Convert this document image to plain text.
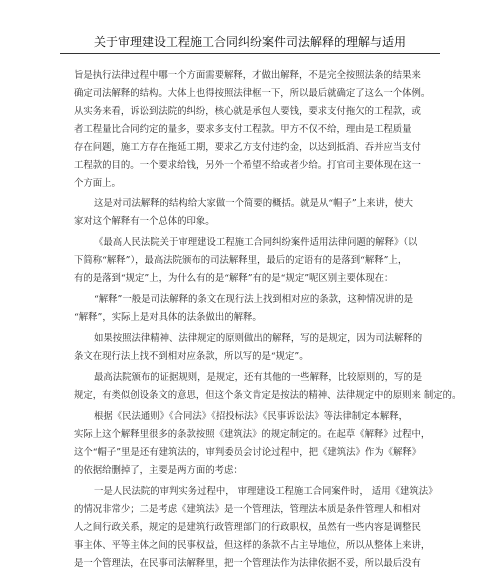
关于审理建设工程施工合同纠纷案件司法解释的理解与适用
旨是执行法律过程中哪一个方面需要解释，才做出解释，不是完全按照法条的结果来
确定司法解释的结构。大体上也得按照法律框一下，所以最后就确定了这么一个体例。
从实务来看，诉讼到法院的纠纷，核心就是承包人要钱，要求支付拖欠的工程款，或
者工程量比合同约定的量多，要求多支付工程款。甲方不仅不给，理由是工程质量
存在问题，施工方存在拖延工期，要求乙方支付违约金，以达到抵消、吞并应当支付
工程款的目的。一个要求给钱，另外一个希望不给或者少给。打官司主要体现在这一
个方面上。
这是对司法解释的结构给大家做一个简要的概括。就是从“帽子”上来讲，使大
家对这个解释有一个总体的印象。
《最高人民法院关于审理建设工程施工合同纠纷案件适用法律问题的解释》（以
下简称“解释”），最高法院颁布的司法解释里，最后的定语有的是落到“解释”上，
有的是落到“规定”上，为什么有的是“解释”有的是“规定”呢区别主要体现在：
“解释”一般是司法解释的条文在现行法上找到相对应的条款，这种情况讲的是
“解释”，实际上是对具体的法条做出的解释。
如果按照法律精神、法律规定的原则做出的解释，写的是规定，因为司法解释的
条文在现行法上找不到相对应条款，所以写的是“规定”。
最高法院颁布的证据规则，是规定，还有其他的一些解释，比较原则的，写的是
规定，有类似创设条文的意思，但这个条文肯定是按法的精神、法律规定中的原则来 制定的。
根据《民法通则》《合同法》《招投标法》《民事诉讼法》等法律制定本解释，
实际上这个解释里很多的条款按照《建筑法》的规定制定的。在起草《解释》过程中，
这个“帽子”里是还有建筑法的，审判委员会讨论过程中，把《建筑法》作为《解释》
的依据给删掉了，主要是两方面的考虑：
一是人民法院的审判实务过程中， 审理建设工程施工合同案件时， 适用《建筑法》
的情况非常少；二是考虑《建筑法》是一个管理法，管理法本质是条件管理人和相对
人之间行政关系，规定的是建筑行政管理部门的行政职权，虽然有一些内容是调整民
事主体、平等主体之间的民事权益，但这样的条款不占主导地位，所以从整体上来讲，
是一个管理法，在民事司法解释里，把一个管理法作为法律依据不妥，所以最后没有
